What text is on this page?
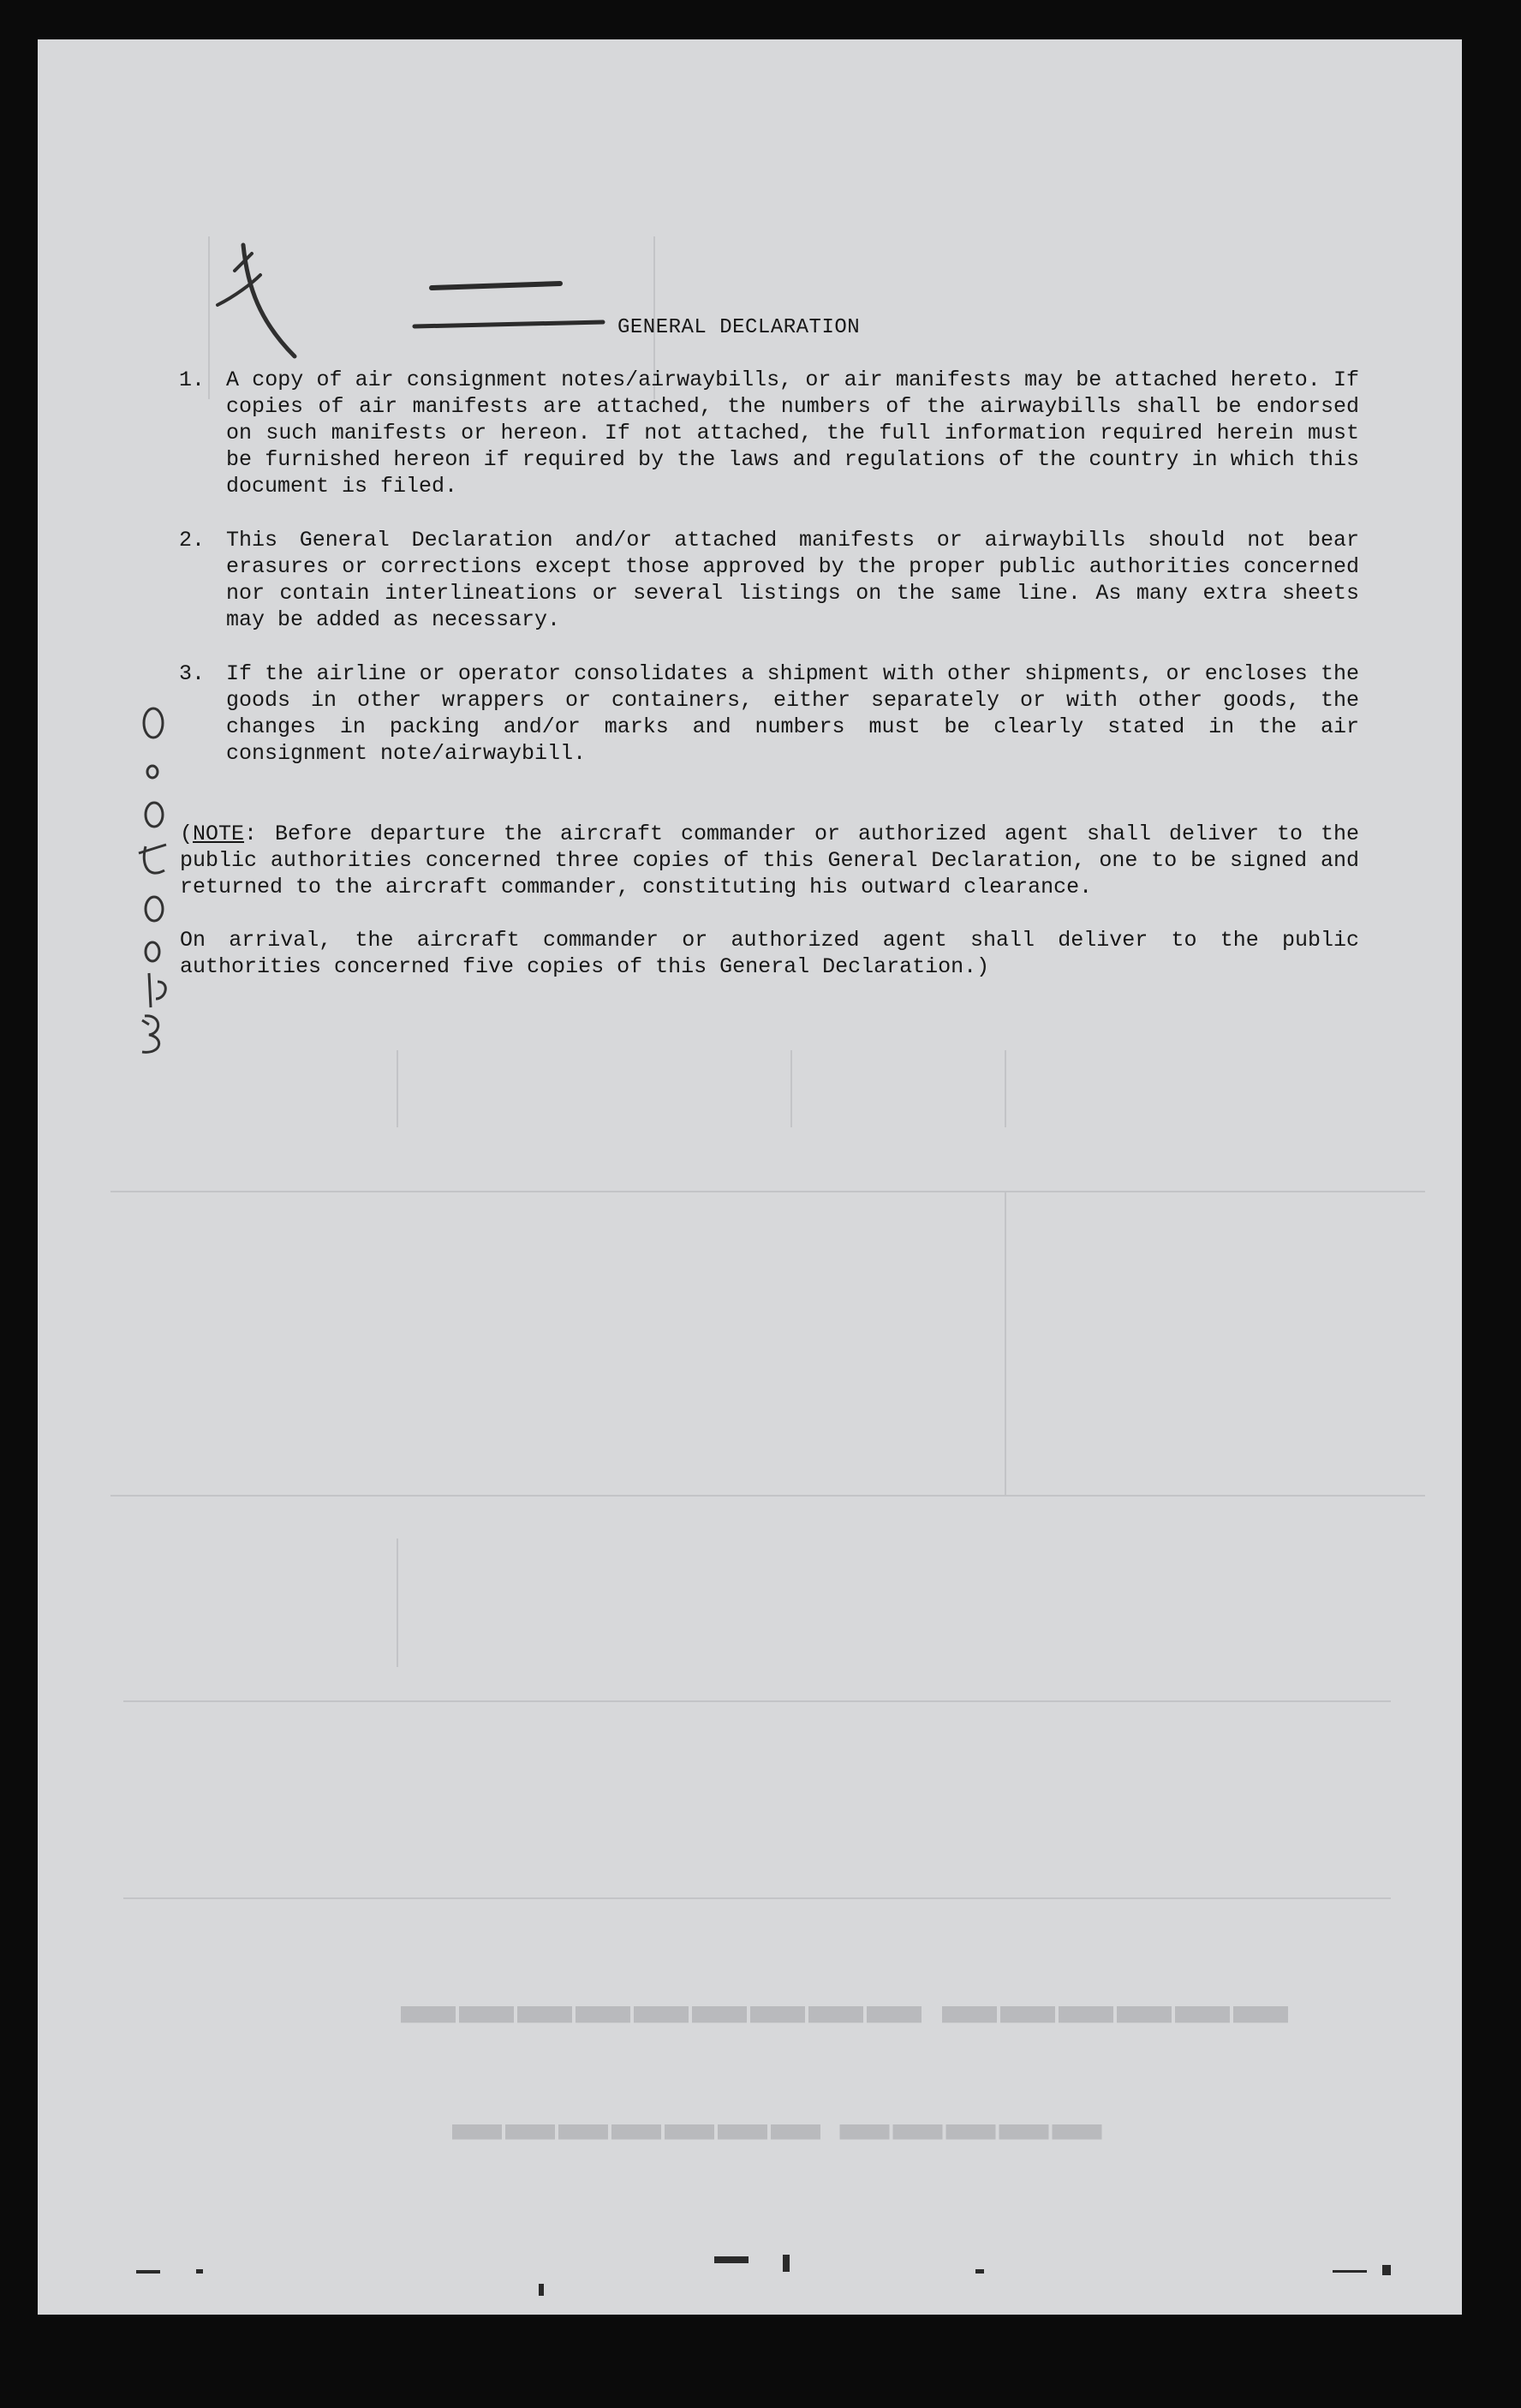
▬▬▬▬▬▬ ▬▬▬▬▬▬▬▬▬
▬▬▬▬▬ ▬▬▬▬▬▬▬
GENERAL DECLARATION
1. A copy of air consignment notes/airwaybills, or air manifests may be attached hereto. If copies of air manifests are attached, the numbers of the airwaybills shall be endorsed on such manifests or hereon. If not attached, the full information required herein must be furnished hereon if required by the laws and regulations of the country in which this document is filed.
2. This General Declaration and/or attached manifests or airwaybills should not bear erasures or corrections except those approved by the proper public authorities concerned nor contain interlineations or several listings on the same line. As many extra sheets may be added as necessary.
3. If the airline or operator consolidates a shipment with other shipments, or encloses the goods in other wrappers or containers, either separately or with other goods, the changes in packing and/or marks and numbers must be clearly stated in the air consignment note/airwaybill.
(NOTE: Before departure the aircraft commander or authorized agent shall deliver to the public authorities concerned three copies of this General Declaration, one to be signed and returned to the aircraft commander, constituting his outward clearance.
On arrival, the aircraft commander or authorized agent shall deliver to the public authorities concerned five copies of this General Declaration.)
